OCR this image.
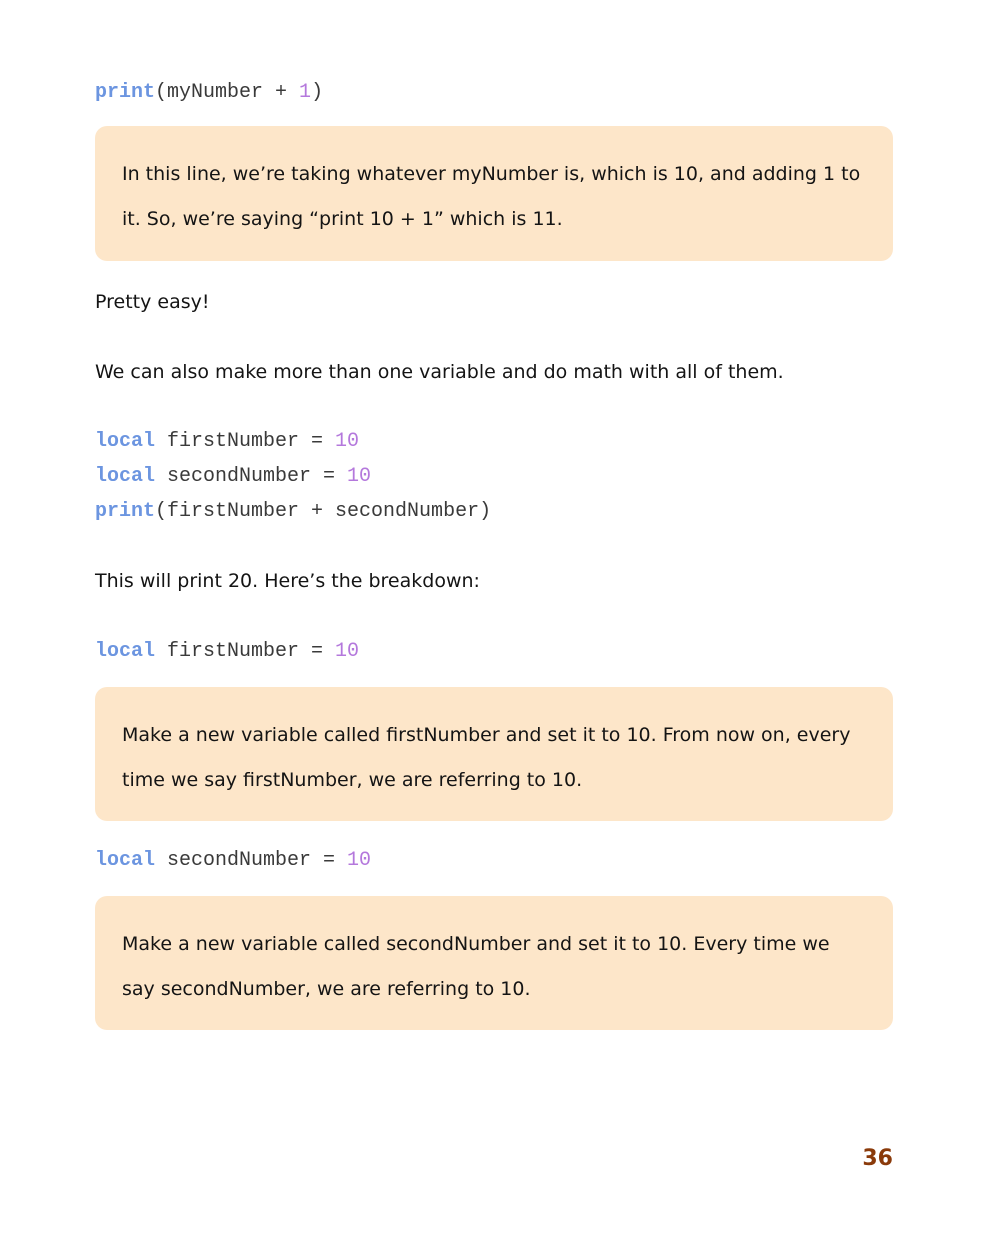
print(myNumber + 1)

In this line, we’re taking whatever myNumber is, which is 10, and adding 1 to it. So, we’re saying “print 10 + 1” which is 11.

Pretty easy!
We can also make more than one variable and do math with all of them.
local firstNumber = 10
local secondNumber = 10
print(firstNumber + secondNumber)
This will print 20. Here’s the breakdown:
local firstNumber = 10

Make a new variable called firstNumber and set it to 10. From now on, every time we say firstNumber, we are referring to 10.

local secondNumber = 10

Make a new variable called secondNumber and set it to 10. Every time we say secondNumber, we are referring to 10.

36
